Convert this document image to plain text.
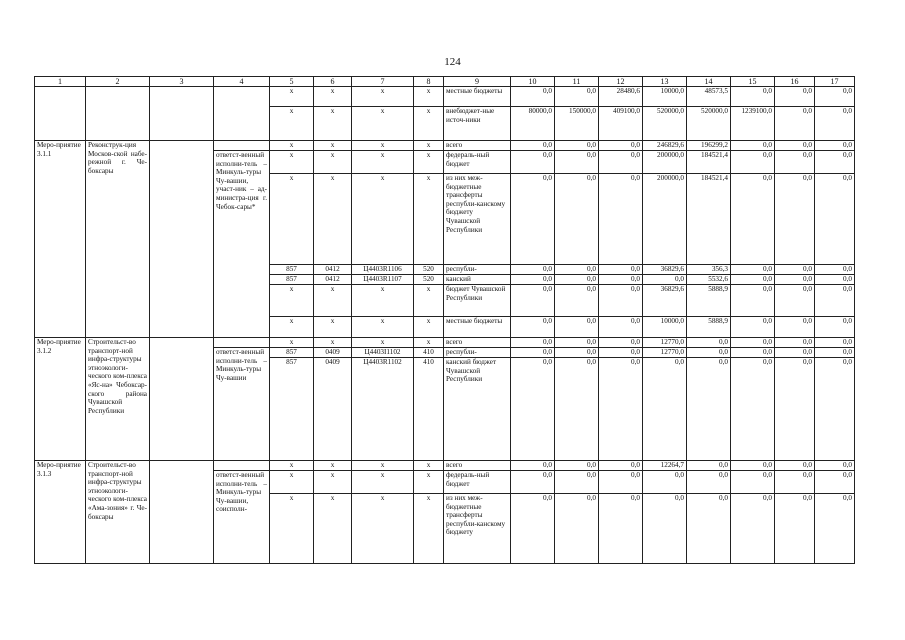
124
1	2	3	4	5	6	7	8	9	10	11	12	13	14	15	16	17
				x	x	x	x	местные бюджеты	0,0	0,0	28480,6	10000,0	48573,5	0,0	0,0	0,0
				x	x	x	x	внебюджет-ные источ-ники	80000,0	150000,0	409100,0	520000,0	520000,0	1239100,0	0,0	0,0
Меро-приятие 3.1.1	Реконструк-ция Москов-ской набе-режной г. Че-боксары			x	x	x	x	всего	0,0	0,0	0,0	246829,6	196299,2	0,0	0,0	0,0
			ответст-венный исполни-тель – Минкуль-туры Чу-вашии, участ-ник – ад-министра-ция г. Чебок-сары*	x	x	x	x	федераль-ный бюджет	0,0	0,0	0,0	200000,0	184521,4	0,0	0,0	0,0
				x	x	x	x	из них меж-бюджетные трансферты республи-канскому бюджету Чувашской Республики	0,0	0,0	0,0	200000,0	184521,4	0,0	0,0	0,0
				857	0412	Ц4403R1106	520	республи-	0,0	0,0	0,0	36829,6	356,3	0,0	0,0	0,0
				857	0412	Ц4403R1107	520	канский	0,0	0,0	0,0	0,0	5532,6	0,0	0,0	0,0
				x	x	x	x	бюджет Чувашской Республики	0,0	0,0	0,0	36829,6	5888,9	0,0	0,0	0,0
				x	x	x	x	местные бюджеты	0,0	0,0	0,0	10000,0	5888,9	0,0	0,0	0,0
Меро-приятие 3.1.2	Строительст-во транспорт-ной инфра-структуры этноэкологи-ческого ком-плекса «Яс-на» Чебоксар-ского района Чувашской Республики			x	x	x	x	всего	0,0	0,0	0,0	12770,0	0,0	0,0	0,0	0,0
			ответст-венный исполни-тель – Минкуль-туры Чу-вашии	857	0409	Ц4403I1102	410	республи-	0,0	0,0	0,0	12770,0	0,0	0,0	0,0	0,0
				857	0409	Ц4403R1102	410	канский бюджет Чувашской Республики	0,0	0,0	0,0	0,0	0,0	0,0	0,0	0,0
Меро-приятие 3.1.3	Строительст-во транспорт-ной инфра-структуры этноэкологи-ческого ком-плекса «Ама-зония» г. Че-боксары			x	x	x	x	всего	0,0	0,0	0,0	12264,7	0,0	0,0	0,0	0,0
			ответст-венный исполни-тель – Минкуль-туры Чу-вашии, соисполн-	x	x	x	x	федераль-ный бюджет	0,0	0,0	0,0	0,0	0,0	0,0	0,0	0,0
				x	x	x	x	из них меж-бюджетные трансферты республи-канскому бюджету	0,0	0,0	0,0	0,0	0,0	0,0	0,0	0,0
